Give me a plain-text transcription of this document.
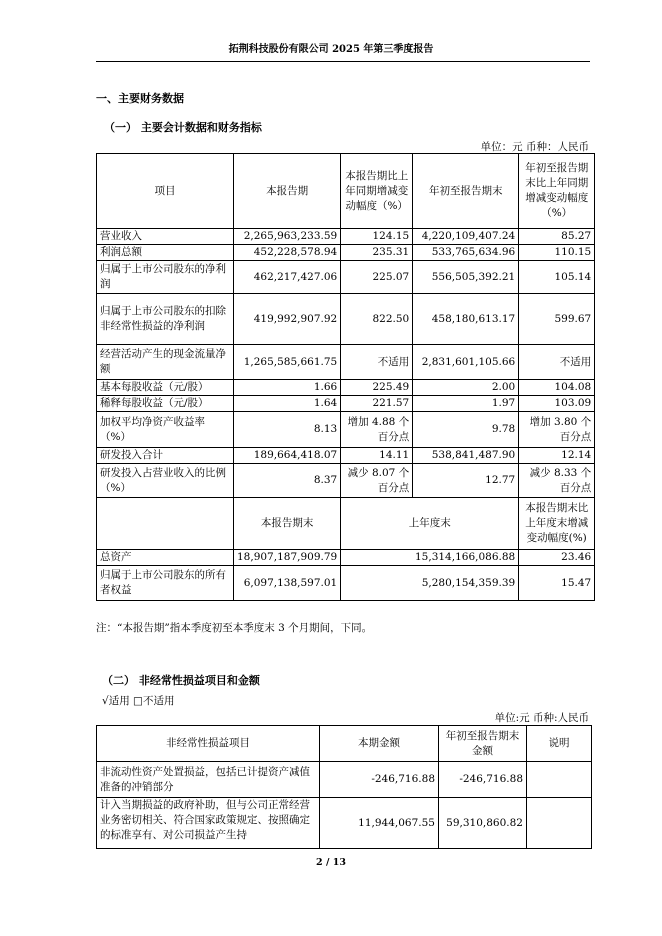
拓荆科技股份有限公司 2025 年第三季度报告
一、主要财务数据
（一） 主要会计数据和财务指标
单位：元 币种：人民币
项目	本报告期	本报告期比上年同期增减变动幅度（%）	年初至报告期末	年初至报告期末比上年同期增减变动幅度（%）
营业收入	2,265,963,233.59	124.15	4,220,109,407.24	85.27
利润总额	452,228,578.94	235.31	533,765,634.96	110.15
归属于上市公司股东的净利润	462,217,427.06	225.07	556,505,392.21	105.14
归属于上市公司股东的扣除非经常性损益的净利润	419,992,907.92	822.50	458,180,613.17	599.67
经营活动产生的现金流量净额	1,265,585,661.75	不适用	2,831,601,105.66	不适用
基本每股收益（元/股）	1.66	225.49	2.00	104.08
稀释每股收益（元/股）	1.64	221.57	1.97	103.09
加权平均净资产收益率（%）	8.13	增加 4.88 个百分点	9.78	增加 3.80 个百分点
研发投入合计	189,664,418.07	14.11	538,841,487.90	12.14
研发投入占营业收入的比例（%）	8.37	减少 8.07 个百分点	12.77	减少 8.33 个百分点
	本报告期末	上年度末		本报告期末比上年度末增减变动幅度(%)
总资产	18,907,187,909.79	15,314,166,086.88		23.46
归属于上市公司股东的所有者权益	6,097,138,597.01	5,280,154,359.39		15.47
注：“本报告期”指本季度初至本季度末 3 个月期间，下同。
（二） 非经常性损益项目和金额
√适用 □不适用
单位:元 币种:人民币
非经常性损益项目	本期金额	年初至报告期末金额	说明
非流动性资产处置损益，包括已计提资产减值准备的冲销部分	-246,716.88	-246,716.88	
计入当期损益的政府补助，但与公司正常经营业务密切相关、符合国家政策规定、按照确定的标准享有、对公司损益产生持	11,944,067.55	59,310,860.82	
2 / 13
